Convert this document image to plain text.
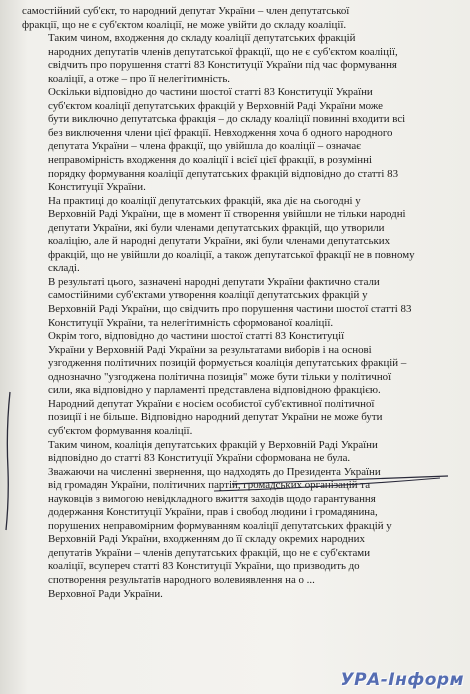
самостійний суб'єкт, то народний депутат України – член депутатської
фракції, що не є суб'єктом коаліції, не може увійти до складу коаліції.

Таким чином, входження до складу коаліції депутатських фракцій
народних депутатів членів депутатської фракції, що не є суб'єктом коаліції,
свідчить про порушення статті 83 Конституції України під час формування
коаліції, а отже – про її нелегітимність.

Оскільки відповідно до частини шостої статті 83 Конституції України
суб'єктом коаліції депутатських фракцій у Верховній Раді України може
бути виключно депутатська фракція – до складу коаліції повинні входити всі
без виключення члени цієї фракції. Невходження хоча б одного народного
депутата України – члена фракції, що увійшла до коаліції – означає
неправомірність входження до коаліції і всієї цієї фракції, в розумінні
порядку формування коаліції депутатських фракцій відповідно до статті 83
Конституції України.

На практиці до коаліції депутатських фракцій, яка діє на сьогодні у
Верховній Раді України, ще в момент її створення увійшли не тільки народні
депутати України, які були членами депутатських фракцій, що утворили
коаліцію, але й народні депутати України, які були членами депутатських
фракцій, що не увійшли до коаліції, а також депутатської фракції не в повному
складі.

В результаті цього, зазначені народні депутати України фактично стали
самостійними суб'єктами утворення коаліції депутатських фракцій у
Верховній Раді України, що свідчить про порушення частини шостої статті 83
Конституції України, та нелегітимність сформованої коаліції.

Окрім того, відповідно до частини шостої статті 83 Конституції
України у Верховній Раді України за результатами виборів і на основі
узгодження політичних позицій формується коаліція депутатських фракцій –
однозначно "узгоджена політична позиція" може бути тільки у політичної
сили, яка відповідно у парламенті представлена відповідною фракцією.
Народний депутат України є носієм особистої суб'єктивної політичної
позиції і не більше. Відповідно народний депутат України не може бути
суб'єктом формування коаліції.

Таким чином, коаліція депутатських фракцій у Верховній Раді України
відповідно до статті 83 Конституції України сформована не була.

Зважаючи на численні звернення, що надходять до Президента України
від громадян України, політичних партій, громадських організацій та
науковців з вимогою невідкладного вжиття заходів щодо гарантування
додержання Конституції України, прав і свобод людини і громадянина,
порушених неправомірним формуванням коаліції депутатських фракцій у
Верховній Раді України, входженням до її складу окремих народних
депутатів України – членів депутатських фракцій, що не є суб'єктами
коаліції, всупереч статті 83 Конституції України, що призводить до
спотворення результатів народного волевиявлення на о ...
Верховної Ради України.

УРА-Інформ
